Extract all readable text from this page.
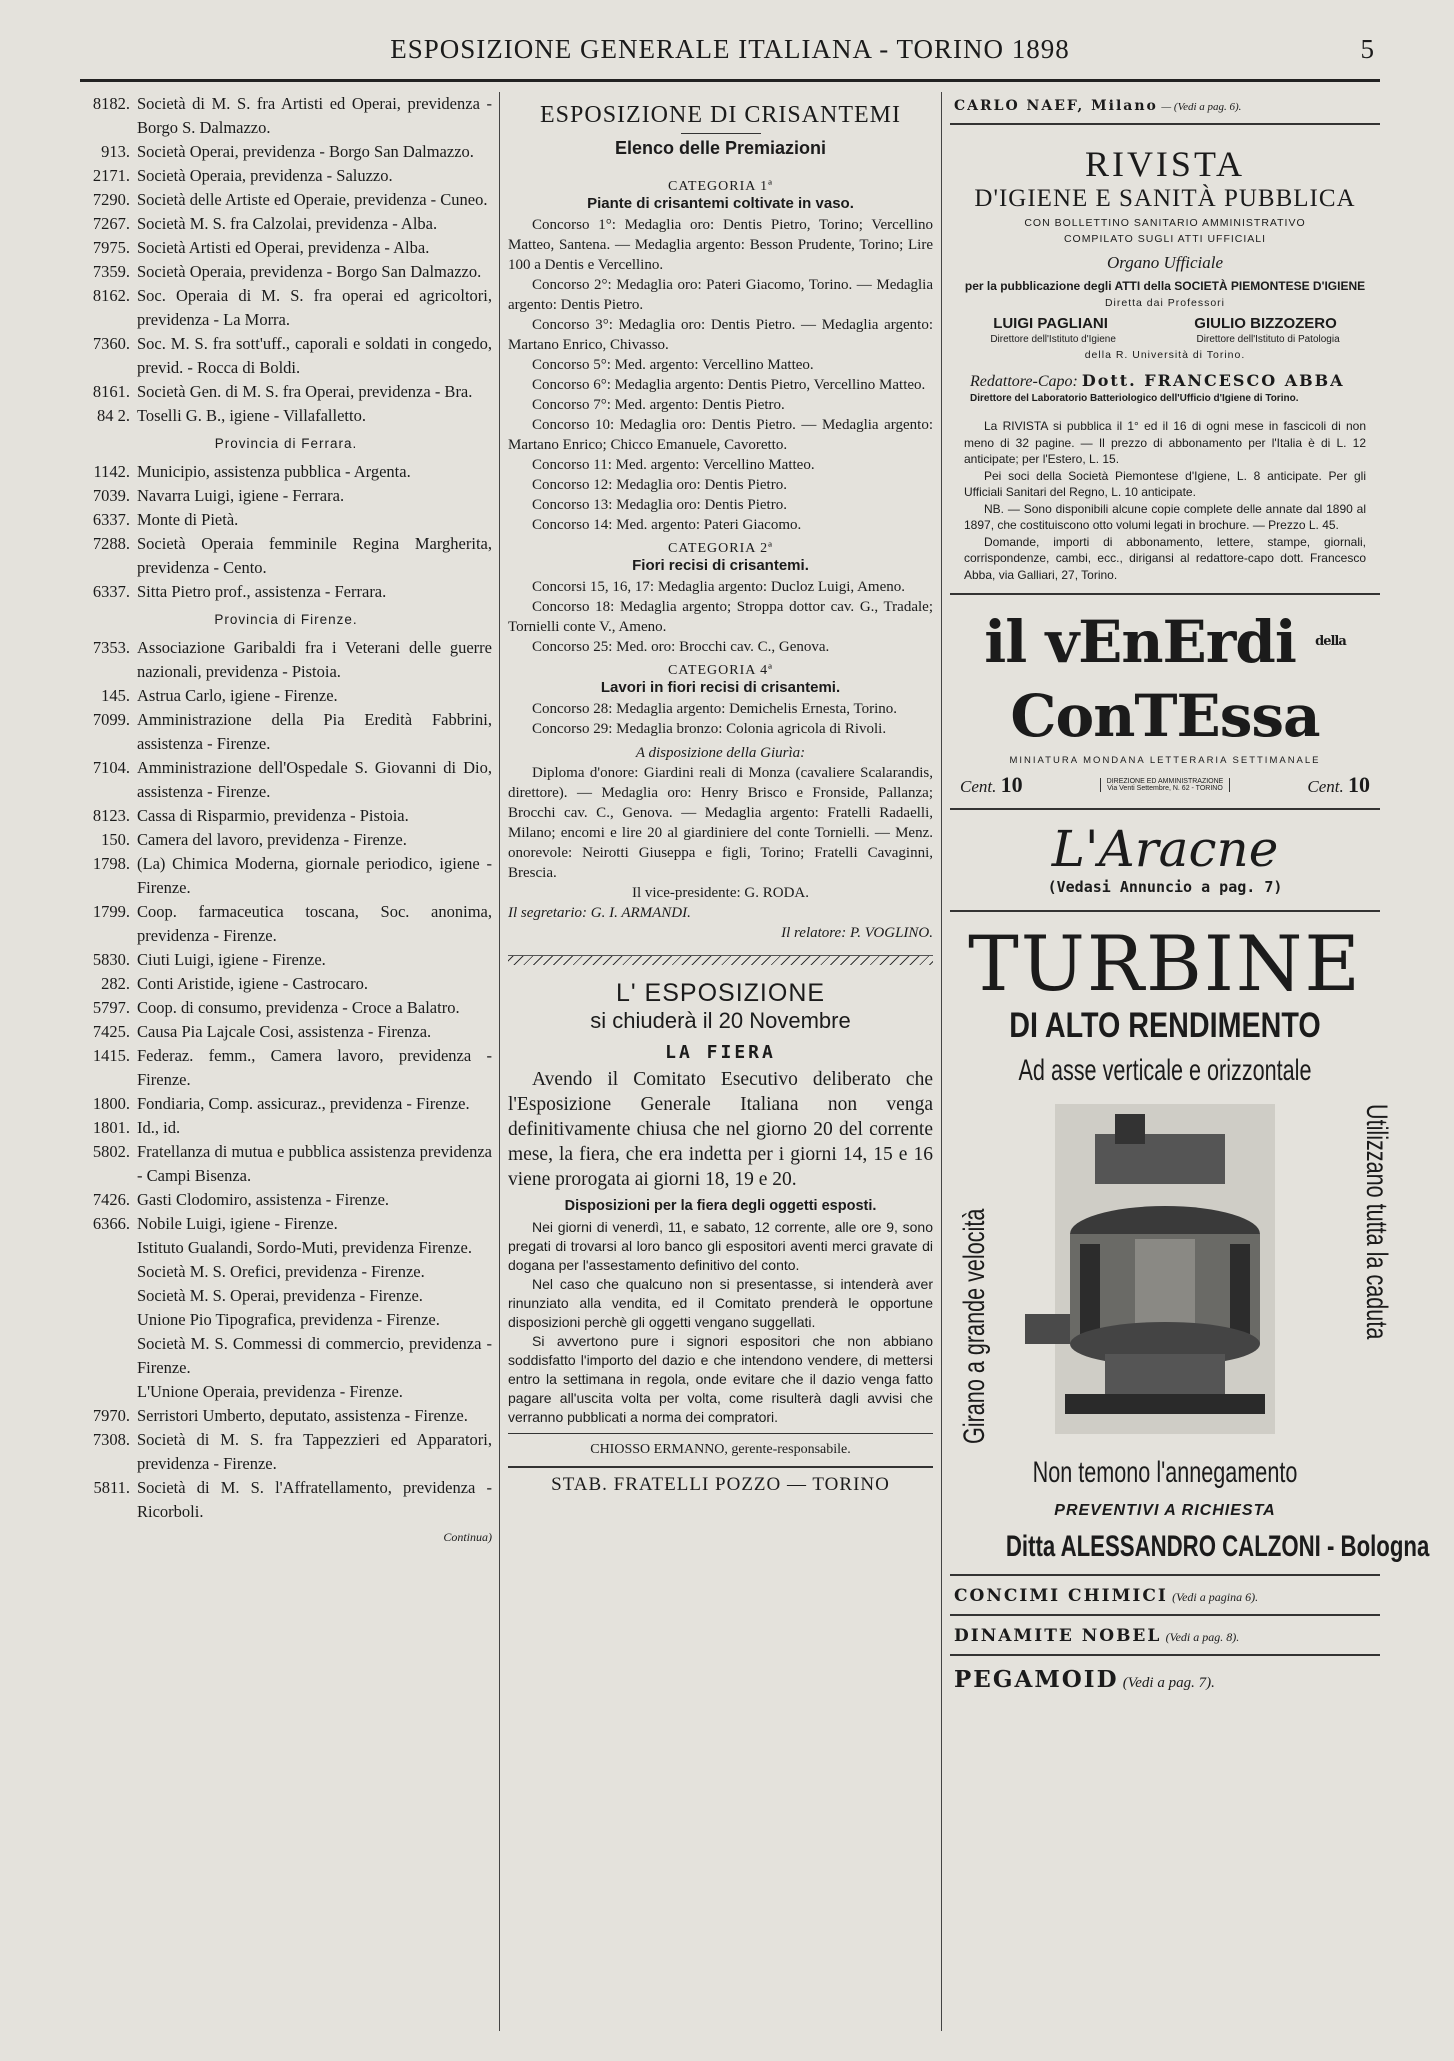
ESPOSIZIONE GENERALE ITALIANA - TORINO 1898	5
8182. Società di M. S. fra Artisti ed Operai, previdenza - Borgo S. Dalmazzo.
913. Società Operai, previdenza - Borgo San Dalmazzo.
2171. Società Operaia, previdenza - Saluzzo.
7290. Società delle Artiste ed Operaie, previdenza - Cuneo.
7267. Società M. S. fra Calzolai, previdenza - Alba.
7975. Società Artisti ed Operai, previdenza - Alba.
7359. Società Operaia, previdenza - Borgo San Dalmazzo.
8162. Soc. Operaia di M. S. fra operai ed agricoltori, previdenza - La Morra.
7360. Soc. M. S. fra sott'uff., caporali e soldati in congedo, previd. - Rocca di Boldi.
8161. Società Gen. di M. S. fra Operai, previdenza - Bra.
84 2. Toselli G. B., igiene - Villafalletto.
Provincia di Ferrara.
1142. Municipio, assistenza pubblica - Argenta.
7039. Navarra Luigi, igiene - Ferrara.
6337. Monte di Pietà.
7288. Società Operaia femminile Regina Margherita, previdenza - Cento.
6337. Sitta Pietro prof., assistenza - Ferrara.
Provincia di Firenze.
7353. Associazione Garibaldi fra i Veterani delle guerre nazionali, previdenza - Pistoia.
145. Astrua Carlo, igiene - Firenze.
7099. Amministrazione della Pia Eredità Fabbrini, assistenza - Firenze.
7104. Amministrazione dell'Ospedale S. Giovanni di Dio, assistenza - Firenze.
8123. Cassa di Risparmio, previdenza - Pistoia.
150. Camera del lavoro, previdenza - Firenze.
1798. (La) Chimica Moderna, giornale periodico, igiene - Firenze.
1799. Coop. farmaceutica toscana, Soc. anonima, previdenza - Firenze.
5830. Ciuti Luigi, igiene - Firenze.
282. Conti Aristide, igiene - Castrocaro.
5797. Coop. di consumo, previdenza - Croce a Balatro.
7425. Causa Pia Lajcale Cosi, assistenza - Firenza.
1415. Federaz. femm., Camera lavoro, previdenza - Firenze.
1800. Fondiaria, Comp. assicuraz., previdenza - Firenze.
1801. Id., id.
5802. Fratellanza di mutua e pubblica assistenza previdenza - Campi Bisenza.
7426. Gasti Clodomiro, assistenza - Firenze.
6366. Nobile Luigi, igiene - Firenze.
Istituto Gualandi, Sordo-Muti, previdenza Firenze.
Società M. S. Orefici, previdenza - Firenze.
Società M. S. Operai, previdenza - Firenze.
Unione Pio Tipografica, previdenza - Firenze.
Società M. S. Commessi di commercio, previdenza - Firenze.
L'Unione Operaia, previdenza - Firenze.
7970. Serristori Umberto, deputato, assistenza - Firenze.
7308. Società di M. S. fra Tappezzieri ed Apparatori, previdenza - Firenze.
5811. Società di M. S. l'Affratellamento, previdenza - Ricorboli.
Continua)
ESPOSIZIONE DI CRISANTEMI
Elenco delle Premiazioni
CATEGORIA 1ª
Piante di crisantemi coltivate in vaso.
Concorso 1°: Medaglia oro: Dentis Pietro, Torino; Vercellino Matteo, Santena. — Medaglia argento: Besson Prudente, Torino; Lire 100 a Dentis e Vercellino.
Concorso 2°: Medaglia oro: Pateri Giacomo, Torino. — Medaglia argento: Dentis Pietro.
Concorso 3°: Medaglia oro: Dentis Pietro. — Medaglia argento: Martano Enrico, Chivasso.
Concorso 5°: Med. argento: Vercellino Matteo.
Concorso 6°: Medaglia argento: Dentis Pietro, Vercellino Matteo.
Concorso 7°: Med. argento: Dentis Pietro.
Concorso 10: Medaglia oro: Dentis Pietro. — Medaglia argento: Martano Enrico; Chicco Emanuele, Cavoretto.
Concorso 11: Med. argento: Vercellino Matteo.
Concorso 12: Medaglia oro: Dentis Pietro.
Concorso 13: Medaglia oro: Dentis Pietro.
Concorso 14: Med. argento: Pateri Giacomo.
CATEGORIA 2ª
Fiori recisi di crisantemi.
Concorsi 15, 16, 17: Medaglia argento: Ducloz Luigi, Ameno.
Concorso 18: Medaglia argento; Stroppa dottor cav. G., Tradale; Tornielli conte V., Ameno.
Concorso 25: Med. oro: Brocchi cav. C., Genova.
CATEGORIA 4ª
Lavori in fiori recisi di crisantemi.
Concorso 28: Medaglia argento: Demichelis Ernesta, Torino.
Concorso 29: Medaglia bronzo: Colonia agricola di Rivoli.
A disposizione della Giurìa:
Diploma d'onore: Giardini reali di Monza (cavaliere Scalarandis, direttore). — Medaglia oro: Henry Brisco e Fronside, Pallanza; Brocchi cav. C., Genova. — Medaglia argento: Fratelli Radaelli, Milano; encomi e lire 20 al giardiniere del conte Tornielli. — Menz. onorevole: Neirotti Giuseppa e figli, Torino; Fratelli Cavaginni, Brescia.
Il vice-presidente: G. RODA.
Il segretario: G. I. ARMANDI.
Il relatore: P. VOGLINO.
L' ESPOSIZIONE
si chiuderà il 20 Novembre
LA FIERA
Avendo il Comitato Esecutivo deliberato che l'Esposizione Generale Italiana non venga definitivamente chiusa che nel giorno 20 del corrente mese, la fiera, che era indetta per i giorni 14, 15 e 16 viene prorogata ai giorni 18, 19 e 20.
Disposizioni per la fiera degli oggetti esposti.
Nei giorni di venerdì, 11, e sabato, 12 corrente, alle ore 9, sono pregati di trovarsi al loro banco gli espositori aventi merci gravate di dogana per l'assestamento definitivo del conto.
Nel caso che qualcuno non si presentasse, si intenderà aver rinunziato alla vendita, ed il Comitato prenderà le opportune disposizioni perchè gli oggetti vengano suggellati.
Si avvertono pure i signori espositori che non abbiano soddisfatto l'importo del dazio e che intendono vendere, di mettersi entro la settimana in regola, onde evitare che il dazio venga fatto pagare all'uscita volta per volta, come risulterà dagli avvisi che verranno pubblicati a norma dei compratori.
CHIOSSO ERMANNO, gerente-responsabile.
STAB. FRATELLI POZZO — TORINO
CARLO NAEF, Milano — (Vedi a pag. 6).
RIVISTA
D'IGIENE E SANITÀ PUBBLICA
CON BOLLETTINO SANITARIO AMMINISTRATIVO
COMPILATO SUGLI ATTI UFFICIALI
Organo Ufficiale
per la pubblicazione degli ATTI della SOCIETÀ PIEMONTESE D'IGIENE
Diretta dai Professori
LUIGI PAGLIANI	GIULIO BIZZOZERO
Direttore dell'Istituto d'Igiene	Direttore dell'Istituto di Patologia
della R. Università di Torino.
Redattore-Capo: Dott. FRANCESCO ABBA
Direttore del Laboratorio Batteriologico dell'Ufficio d'Igiene di Torino.
La RIVISTA si pubblica il 1° ed il 16 di ogni mese in fascicoli di non meno di 32 pagine. — Il prezzo di abbonamento per l'Italia è di L. 12 anticipate; per l'Estero, L. 15.
Pei soci della Società Piemontese d'Igiene, L. 8 anticipate. Per gli Ufficiali Sanitari del Regno, L. 10 anticipate.
NB. — Sono disponibili alcune copie complete delle annate dal 1890 al 1897, che costituiscono otto volumi legati in brochure. — Prezzo L. 45.
Domande, importi di abbonamento, lettere, stampe, giornali, corrispondenze, cambi, ecc., dirigansi al redattore-capo dott. Francesco Abba, via Galliari, 27, Torino.
il vEnErdi $^{della}$ ConTEssa
MINIATURA MONDANA LETTERARIA SETTIMANALE
Cent. 10	DIREZIONE ED AMMINISTRAZIONE
Via Venti Settembre, N. 62 - TORINO	Cent. 10
L'Aracne
(Vedasi Annuncio a pag. 7)
TURBINE
DI ALTO RENDIMENTO
Ad asse verticale e orizzontale
Girano a grande velocità	Utilizzano tutta la caduta
Non temono l'annegamento
PREVENTIVI A RICHIESTA
Ditta ALESSANDRO CALZONI - Bologna
CONCIMI CHIMICI (Vedi a pagina 6).
DINAMITE NOBEL (Vedi a pag. 8).
PEGAMOID (Vedi a pag. 7).
